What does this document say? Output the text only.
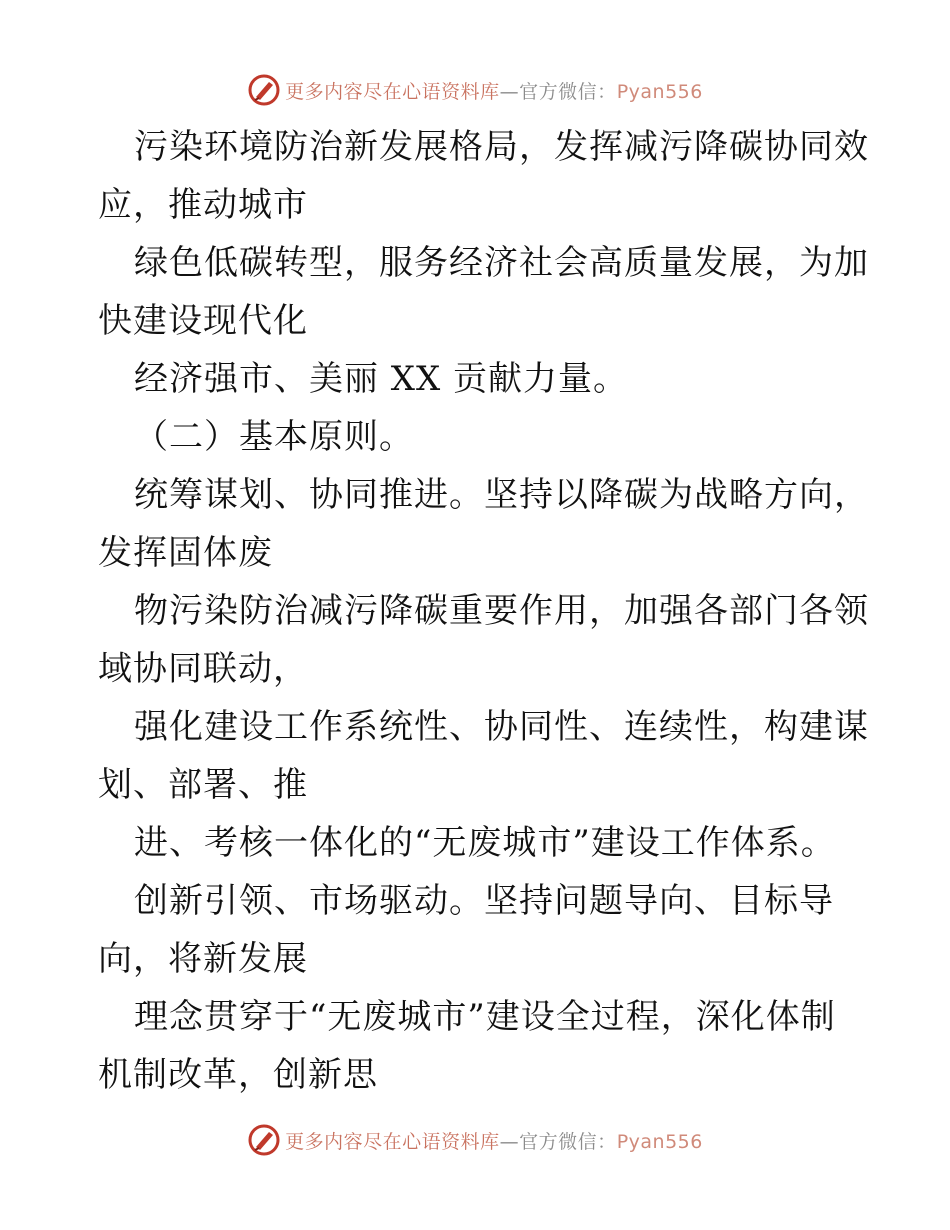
更多内容尽在心语资料库—官方微信：Pyan556
污染环境防治新发展格局，发挥减污降碳协同效
应，推动城市
绿色低碳转型，服务经济社会高质量发展，为加
快建设现代化
经济强市、美丽 XX 贡献力量。
（二）基本原则。
统筹谋划、协同推进。坚持以降碳为战略方向，
发挥固体废
物污染防治减污降碳重要作用，加强各部门各领
域协同联动，
强化建设工作系统性、协同性、连续性，构建谋
划、部署、推
进、考核一体化的“无废城市”建设工作体系。
创新引领、市场驱动。坚持问题导向、目标导
向，将新发展
理念贯穿于“无废城市”建设全过程，深化体制
机制改革，创新思
更多内容尽在心语资料库—官方微信：Pyan556
